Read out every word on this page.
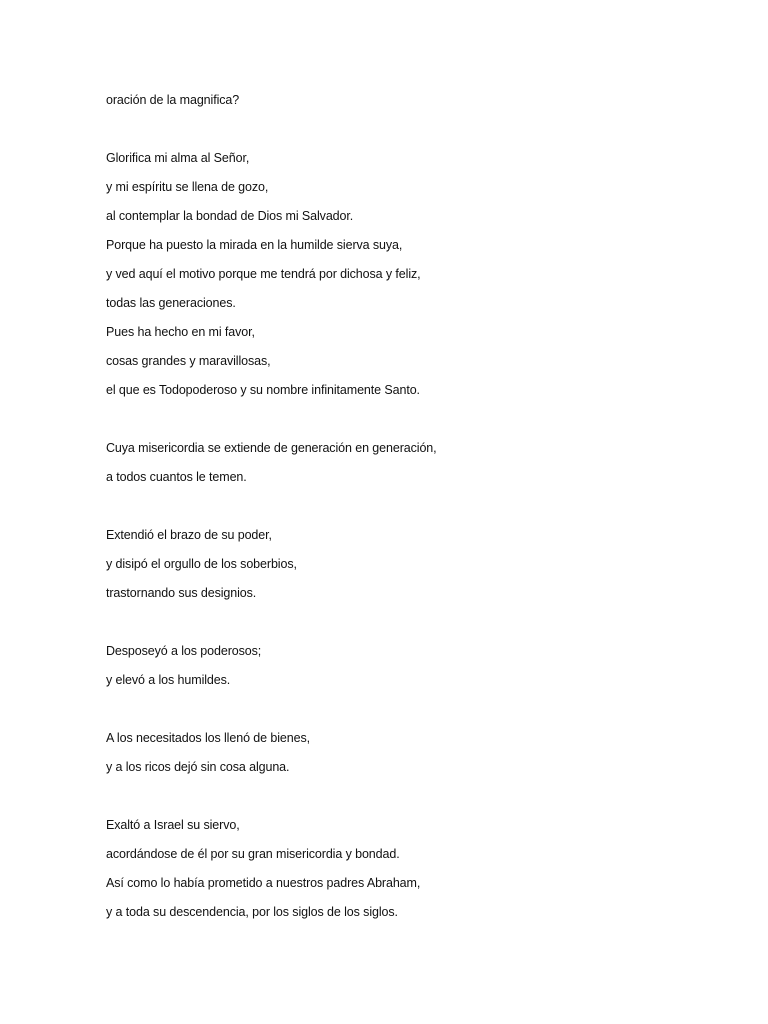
oración de la magnifica?
Glorifica mi alma al Señor,
y mi espíritu se llena de gozo,
al contemplar la bondad de Dios mi Salvador.
Porque ha puesto la mirada en la humilde sierva suya,
y ved aquí el motivo porque me tendrá por dichosa y feliz,
todas las generaciones.
Pues ha hecho en mi favor,
cosas grandes y maravillosas,
el que es Todopoderoso y su nombre infinitamente Santo.
Cuya misericordia se extiende de generación en generación,
a todos cuantos le temen.
Extendió el brazo de su poder,
y disipó el orgullo de los soberbios,
trastornando sus designios.
Desposeyó a los poderosos;
y elevó a los humildes.
A los necesitados los llenó de bienes,
y a los ricos dejó sin cosa alguna.
Exaltó a Israel su siervo,
acordándose de él por su gran misericordia y bondad.
Así como lo había prometido a nuestros padres Abraham,
y a toda su descendencia, por los siglos de los siglos.
